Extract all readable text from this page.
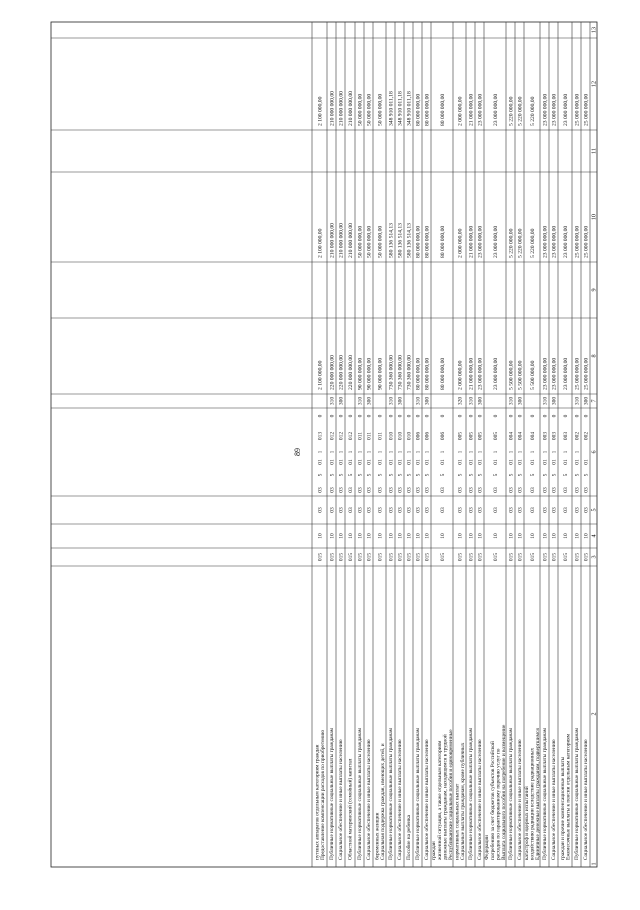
89
13
12
11
10
9
8
7
6
5
4
3
2
1
Социальное обеспечение и иные выплаты населению
015
10
03
03
5
01
002
0
300
25 000 000,00
25 000 000,00
25 000 000,00
Публичные нормативные социальные выплаты гражданам
015
10
03
03
5
01
1
002
0
310
25 000 000,00
25 000 000,00
25 000 000,00
Ежемесячные выплаты к пенсии отдельным категориям
граждан и прочие компенсационные выплаты
015
10
03
03
5
01
1
003
0
23 000 000,00
23 000 000,00
23 000 000,00
Социальное обеспечение и иные выплаты населению
015
10
03
03
5
01
1
003
0
300
23 000 000,00
23 000 000,00
23 000 000,00
Публичные нормативные социальные выплаты гражданам
015
10
03
03
5
01
1
003
0
310
23 000 000,00
23 000 000,00
23 000 000,00
Единичные денежные выплаты гражданам, подвергшимся
воздействию радиации вследствие радиационных
катастроф и ядерных испытаний
015
10
03
03
5
01
1
004
0
5 500 000,00
5 220 000,00
5 220 000,00
Социальное обеспечение и иные выплаты населению
015
10
03
03
5
01
1
004
0
300
5 500 000,00
5 220 000,00
5 220 000,00
Публичные нормативные социальные выплаты гражданам
015
10
03
03
5
01
1
004
0
310
5 500 000,00
5 220 000,00
5 220 000,00
Выплата социального пособия на погребение и возмещение
расходов по гарантированному перечню услуг по
погребению за счет бюджетов субъектов Российской
Федерации
015
10
03
03
5
01
1
005
0
23 000 000,00
23 000 000,00
23 000 000,00
Социальное обеспечение и иные выплаты населению
015
10
03
03
5
01
1
005
0
300
23 000 000,00
23 000 000,00
23 000 000,00
Публичные нормативные социальные выплаты гражданам
015
10
03
03
5
01
1
005
0
310
21 000 000,00
21 000 000,00
21 000 000,00
Социальные выплаты гражданам, кроме публичных
нормативных социальных выплат
015
10
03
03
5
01
1
005
0
320
2 000 000,00
2 000 000,00
2 000 000,00
Республиканские социальные пособия и единовременные
денежные выплаты гражданам, находящимся в трудной
жизненной ситуации, а также отдельным категориям
граждан
015
10
03
03
5
01
1
006
0
80 000 000,00
80 000 000,00
80 000 000,00
Социальное обеспечение и иные выплаты населению
015
10
03
03
5
01
1
006
0
300
80 000 000,00
80 000 000,00
80 000 000,00
Публичные нормативные социальные выплаты гражданам
015
10
03
03
5
01
1
006
0
310
80 000 000,00
80 000 000,00
80 000 000,00
Пособие на ребенка
015
10
03
03
5
01
1
010
0
730 360 000,00
580 136 514,13
348 910 011,18
Социальное обеспечение и иные выплаты населению
015
10
03
03
5
01
1
010
0
300
730 360 000,00
580 136 514,13
348 910 011,18
Публичные нормативные социальные выплаты гражданам
015
10
03
03
5
01
1
010
0
310
730 360 000,00
580 136 514,13
348 910 011,18
Социальная поддержка граждан, имеющих детей, и
беременных женщин
015
10
03
03
5
01
1
011
0
90 000 000,00
50 000 000,00
50 000 000,00
Социальное обеспечение и иные выплаты населению
015
10
03
03
5
01
1
011
0
300
90 000 000,00
50 000 000,00
50 000 000,00
Публичные нормативные социальные выплаты гражданам
015
10
03
03
5
01
1
011
0
310
90 000 000,00
50 000 000,00
50 000 000,00
Областной материнский (семейный) капитал
015
10
03
03
5
01
1
012
0
220 000 000,00
210 000 000,00
210 000 000,00
Социальное обеспечение и иные выплаты населению
015
10
03
03
5
01
1
012
0
300
220 000 000,00
210 000 000,00
210 000 000,00
Публичные нормативные социальные выплаты гражданам
015
10
03
03
5
01
1
012
0
310
220 000 000,00
210 000 000,00
210 000 000,00
Предоставление компенсации расходов по приобретению
путевых аппаратов отдельным категориям граждан
015
10
03
03
5
01
1
013
0
2 100 000,00
2 100 000,00
2 100 000,00
